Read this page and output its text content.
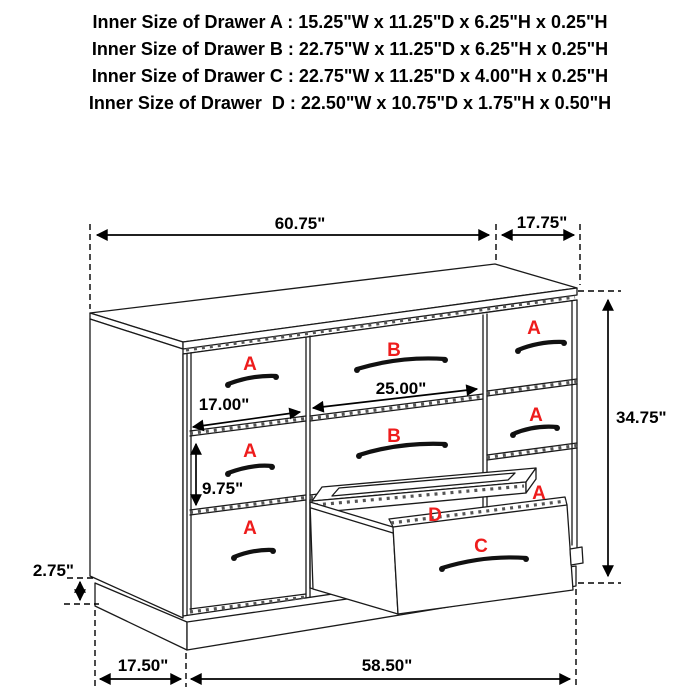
Inner Size of Drawer A : 15.25"W x 11.25"D x 6.25"H x 0.25"H
Inner Size of Drawer B : 22.75"W x 11.25"D x 6.25"H x 0.25"H
Inner Size of Drawer C : 22.75"W x 11.25"D x 4.00"H x 0.25"H
Inner Size of Drawer  D : 22.50"W x 10.75"D x 1.75"H x 0.50"H
A
A
A
B
B
A
A
A
C
D
60.75"	17.75"
34.75"
17.00"
25.00"
9.75"
2.75"
17.50"	58.50"
